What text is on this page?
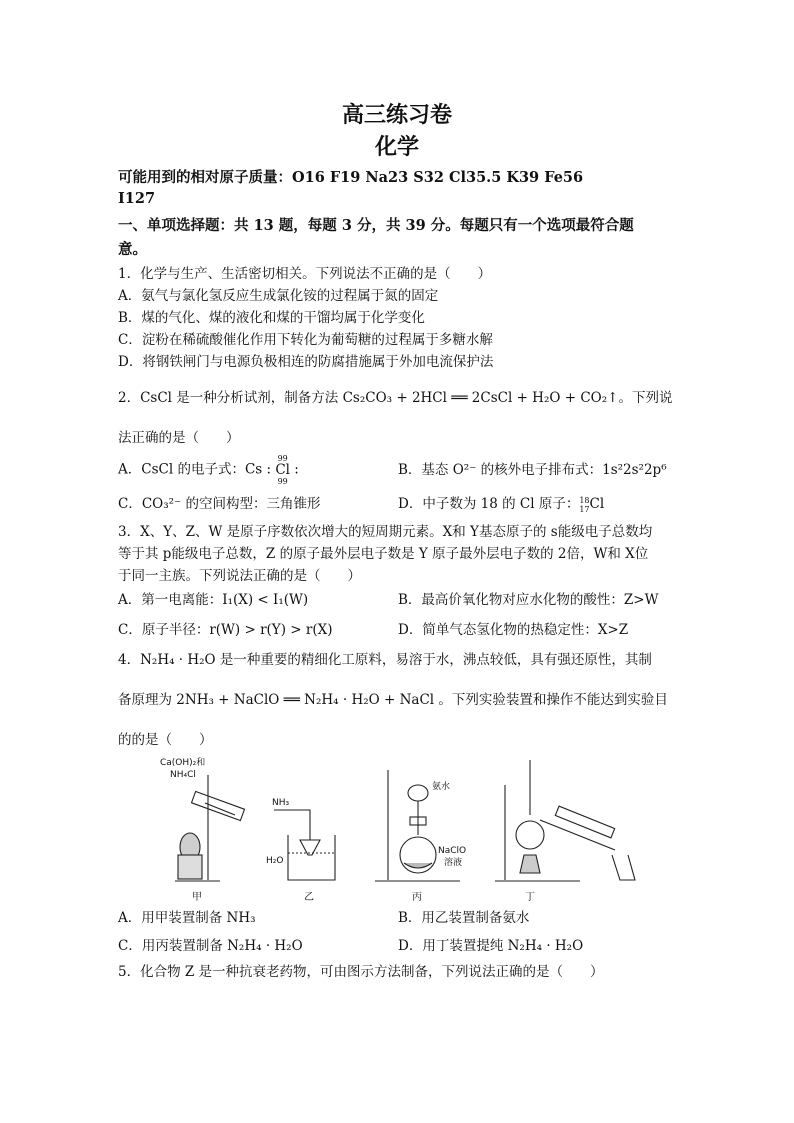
高三练习卷
化学
可能用到的相对原子质量：O16 F19 Na23 S32 Cl35.5 K39 Fe56
I127
一、单项选择题：共 13 题，每题 3 分，共 39 分。每题只有一个选项最符合题
意。
1．化学与生产、生活密切相关。下列说法不正确的是（　　）
A．氨气与氯化氢反应生成氯化铵的过程属于氮的固定
B．煤的气化、煤的液化和煤的干馏均属于化学变化
C．淀粉在稀硫酸催化作用下转化为葡萄糖的过程属于多糖水解
D．将钢铁闸门与电源负极相连的防腐措施属于外加电流保护法
2．CsCl 是一种分析试剂，制备方法 Cs₂CO₃ + 2HCl ══ 2CsCl + H₂O + CO₂↑。下列说
法正确的是（　　）
A．CsCl 的电子式：Cs : 99
Cl
99 :	B．基态 O²⁻ 的核外电子排布式：1s²2s²2p⁶
C．CO₃²⁻ 的空间构型：三角锥形	D．中子数为 18 的 Cl 原子：18
17Cl
3．X、Y、Z、W 是原子序数依次增大的短周期元素。X和 Y基态原子的 s能级电子总数均
等于其 p能级电子总数，Z 的原子最外层电子数是 Y 原子最外层电子数的 2倍，W和 X位
于同一主族。下列说法正确的是（　　）
A．第一电离能：I₁(X) < I₁(W)	B．最高价氧化物对应水化物的酸性：Z>W
C．原子半径：r(W) > r(Y) > r(X)	D．简单气态氢化物的热稳定性：X>Z
4．N₂H₄ · H₂O 是一种重要的精细化工原料，易溶于水，沸点较低，具有强还原性，其制
备原理为 2NH₃ + NaClO ══ N₂H₄ · H₂O + NaCl 。下列实验装置和操作不能达到实验目
的的是（　　）
Ca(OH)₂和
NH₄Cl
甲
NH₃
H₂O
乙
氨水
NaClO
溶液
丙	丁
A．用甲装置制备 NH₃	B．用乙装置制备氨水
C．用丙装置制备 N₂H₄ · H₂O	D．用丁装置提纯 N₂H₄ · H₂O
5．化合物 Z 是一种抗衰老药物，可由图示方法制备，下列说法正确的是（　　）
